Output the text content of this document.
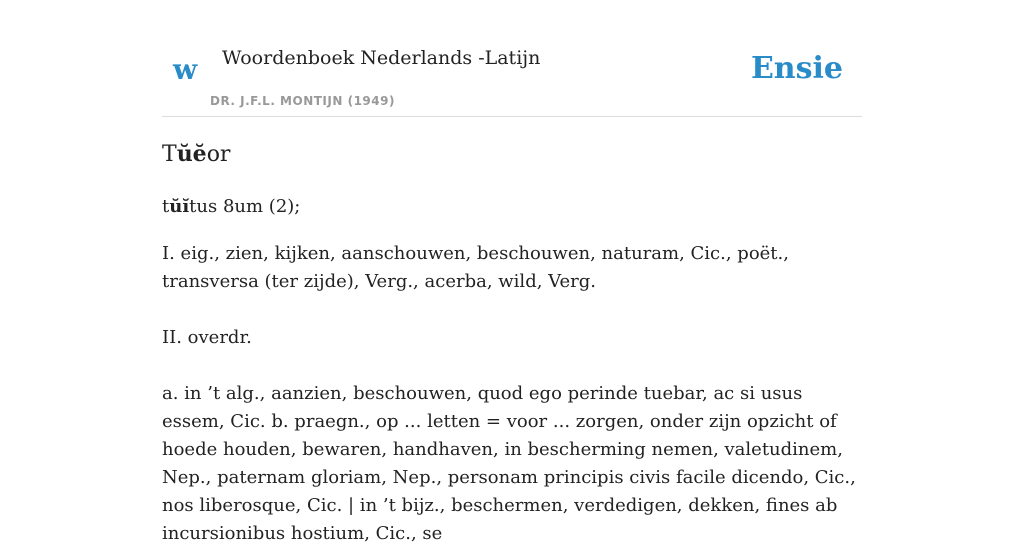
w Woordenboek Nederlands -Latijn
DR. J.F.L. MONTIJN (1949)
Ensie
Tŭĕor
tŭĭtus 8um (2);

I. eig., zien, kijken, aanschouwen, beschouwen, naturam, Cic., poët., transversa (ter zijde), Verg., acerba, wild, Verg.

II. overdr.

a. in ’t alg., aanzien, beschouwen, quod ego perinde tuebar, ac si usus essem, Cic. b. praegn., op ... letten = voor ... zorgen, onder zijn opzicht of hoede houden, bewaren, handhaven, in bescherming nemen, valetudinem, Nep., paternam gloriam, Nep., personam principis civis facile dicendo, Cic., nos liberosque, Cic. | in ’t bijz., beschermen, verdedigen, dekken, fines ab incursionibus hostium, Cic., se
